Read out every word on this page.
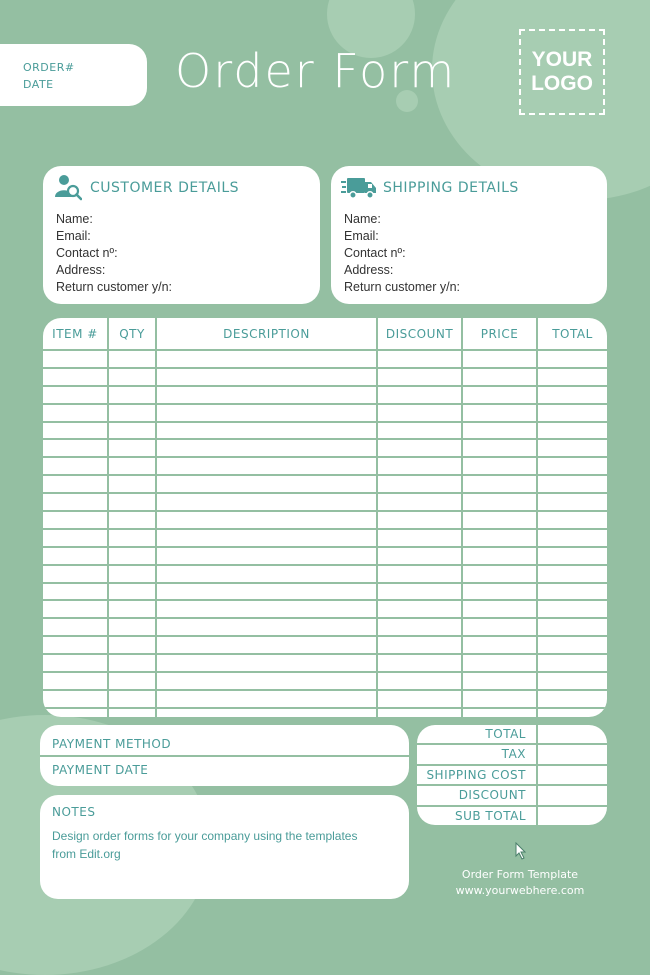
ORDER#
DATE	Order Form	YOUR
LOGO
CUSTOMER DETAILS
Name:
Email:
Contact nº:
Address:
Return customer y/n:
SHIPPING DETAILS
Name:
Email:
Contact nº:
Address:
Return customer y/n:
ITEM #	QTY	DESCRIPTION	DISCOUNT	PRICE	TOTAL

PAYMENT METHOD
PAYMENT DATE
TOTAL	
TAX	
SHIPPING COST	
DISCOUNT	
SUB TOTAL	
NOTES
Design order forms for your company using the templates from Edit.org
Order Form Template
www.yourwebhere.com
